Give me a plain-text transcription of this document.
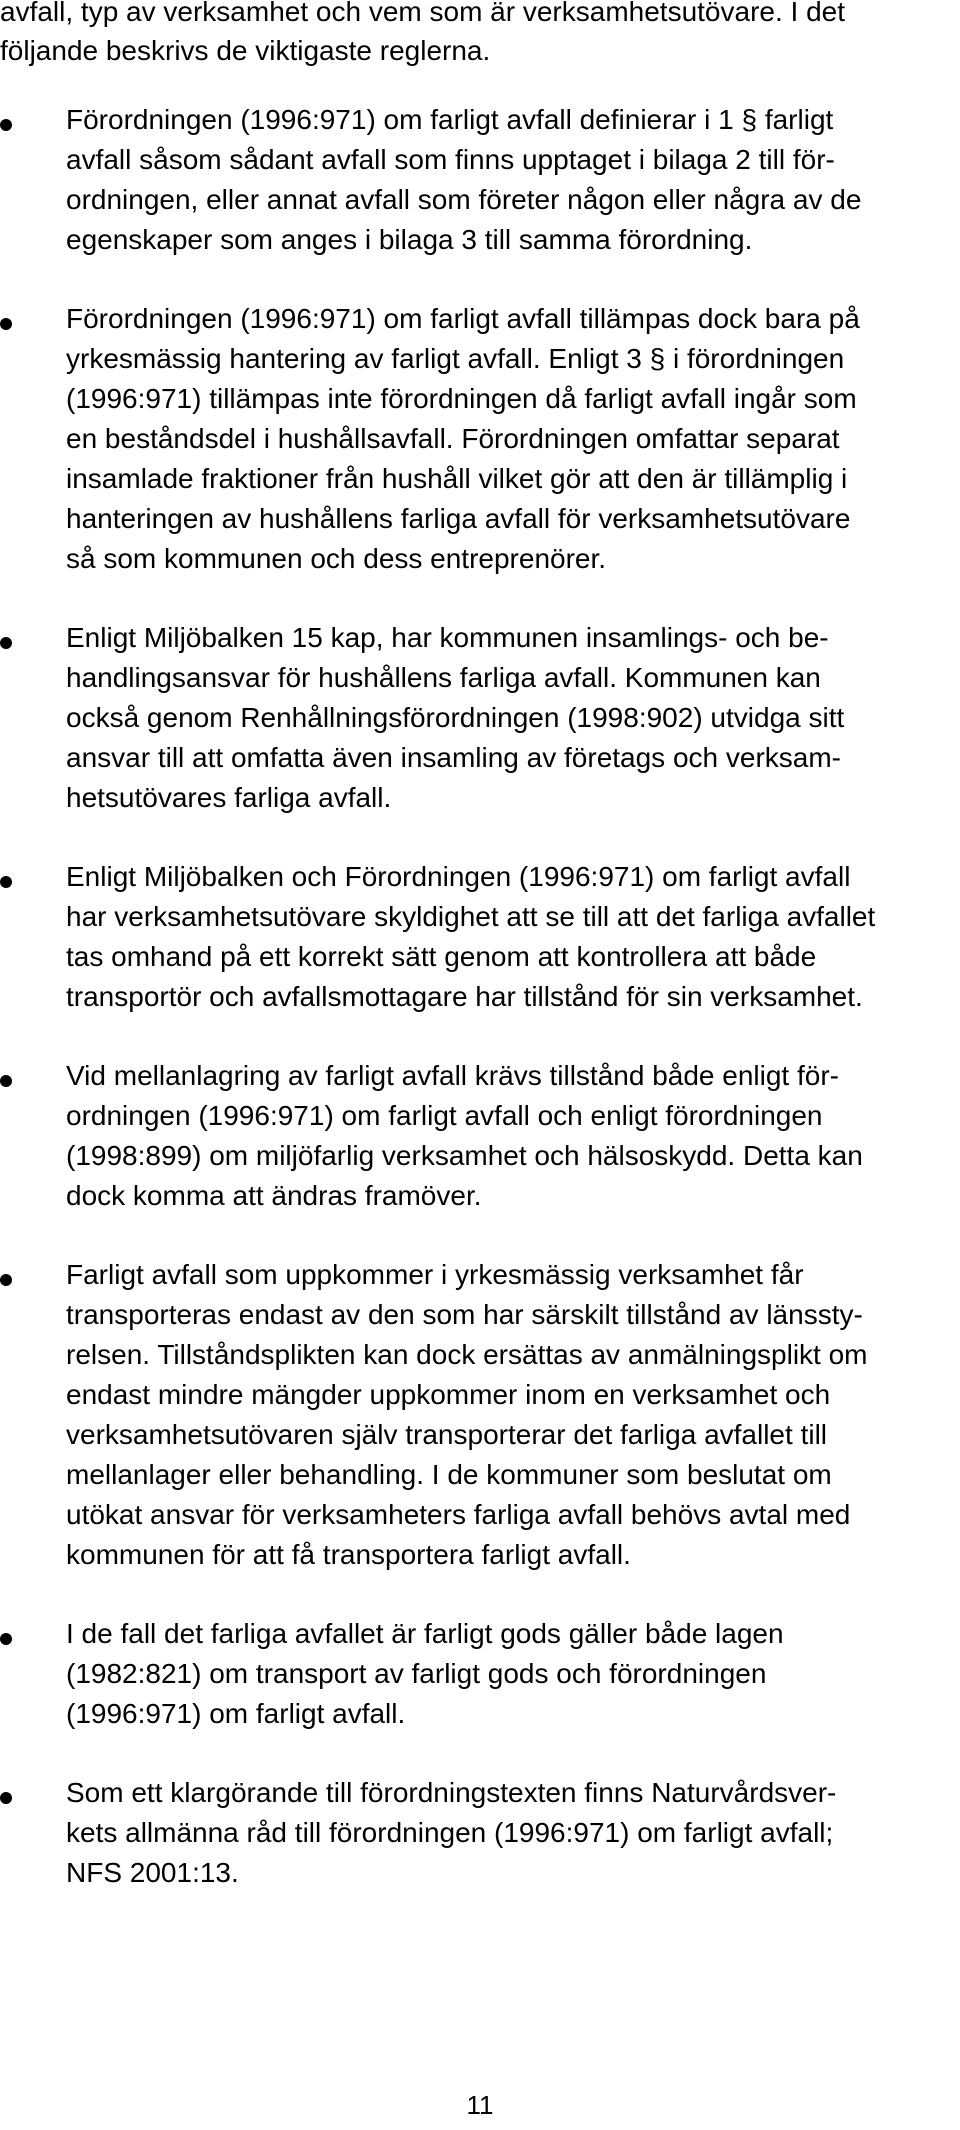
avfall, typ av verksamhet och vem som är verksamhetsutövare. I det
följande beskrivs de viktigaste reglerna.
Förordningen (1996:971) om farligt avfall definierar i 1 § farligt
avfall såsom sådant avfall som finns upptaget i bilaga 2 till för-
ordningen, eller annat avfall som företer någon eller några av de
egenskaper som anges i bilaga 3 till samma förordning.
Förordningen (1996:971) om farligt avfall tillämpas dock bara på
yrkesmässig hantering av farligt avfall. Enligt 3 § i förordningen
(1996:971) tillämpas inte förordningen då farligt avfall ingår som
en beståndsdel i hushållsavfall. Förordningen omfattar separat
insamlade fraktioner från hushåll vilket gör att den är tillämplig i
hanteringen av hushållens farliga avfall för verksamhetsutövare
så som kommunen och dess entreprenörer.
Enligt Miljöbalken 15 kap, har kommunen insamlings- och be-
handlingsansvar för hushållens farliga avfall. Kommunen kan
också genom Renhållningsförordningen (1998:902) utvidga sitt
ansvar till att omfatta även insamling av företags och verksam-
hetsutövares farliga avfall.
Enligt Miljöbalken och Förordningen (1996:971) om farligt avfall
har verksamhetsutövare skyldighet att se till att det farliga avfallet
tas omhand på ett korrekt sätt genom att kontrollera att både
transportör och avfallsmottagare har tillstånd för sin verksamhet.
Vid mellanlagring av farligt avfall krävs tillstånd både enligt för-
ordningen (1996:971) om farligt avfall och enligt förordningen
(1998:899) om miljöfarlig verksamhet och hälsoskydd. Detta kan
dock komma att ändras framöver.
Farligt avfall som uppkommer i yrkesmässig verksamhet får
transporteras endast av den som har särskilt tillstånd av länssty-
relsen. Tillståndsplikten kan dock ersättas av anmälningsplikt om
endast mindre mängder uppkommer inom en verksamhet och
verksamhetsutövaren själv transporterar det farliga avfallet till
mellanlager eller behandling. I de kommuner som beslutat om
utökat ansvar för verksamheters farliga avfall behövs avtal med
kommunen för att få transportera farligt avfall.
I de fall det farliga avfallet är farligt gods gäller både lagen
(1982:821) om transport av farligt gods och förordningen
(1996:971) om farligt avfall.
Som ett klargörande till förordningstexten finns Naturvårdsver-
kets allmänna råd till förordningen (1996:971) om farligt avfall;
NFS 2001:13.
11
